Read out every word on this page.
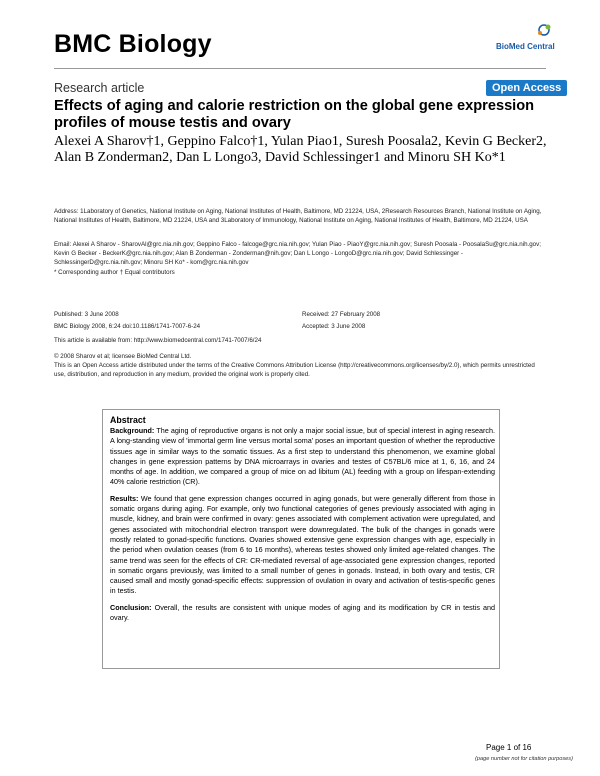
BMC Biology	BioMed Central
Research article	Open Access
Effects of aging and calorie restriction on the global gene expression profiles of mouse testis and ovary
Alexei A Sharov†1, Geppino Falco†1, Yulan Piao1, Suresh Poosala2, Kevin G Becker2, Alan B Zonderman2, Dan L Longo3, David Schlessinger1 and Minoru SH Ko*1
Address: 1Laboratory of Genetics, National Institute on Aging, National Institutes of Health, Baltimore, MD 21224, USA, 2Research Resources Branch, National Institute on Aging, National Institutes of Health, Baltimore, MD 21224, USA and 3Laboratory of Immunology, National Institute on Aging, National Institutes of Health, Baltimore, MD 21224, USA
Email: Alexei A Sharov - SharovAl@grc.nia.nih.gov; Geppino Falco - falcoge@grc.nia.nih.gov; Yulan Piao - PiaoY@grc.nia.nih.gov; Suresh Poosala - PoosalaSu@grc.nia.nih.gov; Kevin G Becker - BeckerK@grc.nia.nih.gov; Alan B Zonderman - Zonderman@nih.gov; Dan L Longo - LongoD@grc.nia.nih.gov; David Schlessinger - SchlessingerD@grc.nia.nih.gov; Minoru SH Ko* - kom@grc.nia.nih.gov
* Corresponding author † Equal contributors
Published: 3 June 2008
BMC Biology 2008, 6:24 doi:10.1186/1741-7007-6-24
Received: 27 February 2008
Accepted: 3 June 2008
This article is available from: http://www.biomedcentral.com/1741-7007/6/24
© 2008 Sharov et al; licensee BioMed Central Ltd.
This is an Open Access article distributed under the terms of the Creative Commons Attribution License (http://creativecommons.org/licenses/by/2.0), which permits unrestricted use, distribution, and reproduction in any medium, provided the original work is properly cited.
Abstract

Background: The aging of reproductive organs is not only a major social issue, but of special interest in aging research. A long-standing view of 'immortal germ line versus mortal soma' poses an important question of whether the reproductive tissues age in similar ways to the somatic tissues. As a first step to understand this phenomenon, we examine global changes in gene expression patterns by DNA microarrays in ovaries and testes of C57BL/6 mice at 1, 6, 16, and 24 months of age. In addition, we compared a group of mice on ad libitum (AL) feeding with a group on lifespan-extending 40% calorie restriction (CR).

Results: We found that gene expression changes occurred in aging gonads, but were generally different from those in somatic organs during aging. For example, only two functional categories of genes previously associated with aging in muscle, kidney, and brain were confirmed in ovary: genes associated with complement activation were upregulated, and genes associated with mitochondrial electron transport were downregulated. The bulk of the changes in gonads were mostly related to gonad-specific functions. Ovaries showed extensive gene expression changes with age, especially in the period when ovulation ceases (from 6 to 16 months), whereas testes showed only limited age-related changes. The same trend was seen for the effects of CR: CR-mediated reversal of age-associated gene expression changes, reported in somatic organs previously, was limited to a small number of genes in gonads. Instead, in both ovary and testis, CR caused small and mostly gonad-specific effects: suppression of ovulation in ovary and activation of testis-specific genes in testis.

Conclusion: Overall, the results are consistent with unique modes of aging and its modification by CR in testis and ovary.

Page 1 of 16
(page number not for citation purposes)
